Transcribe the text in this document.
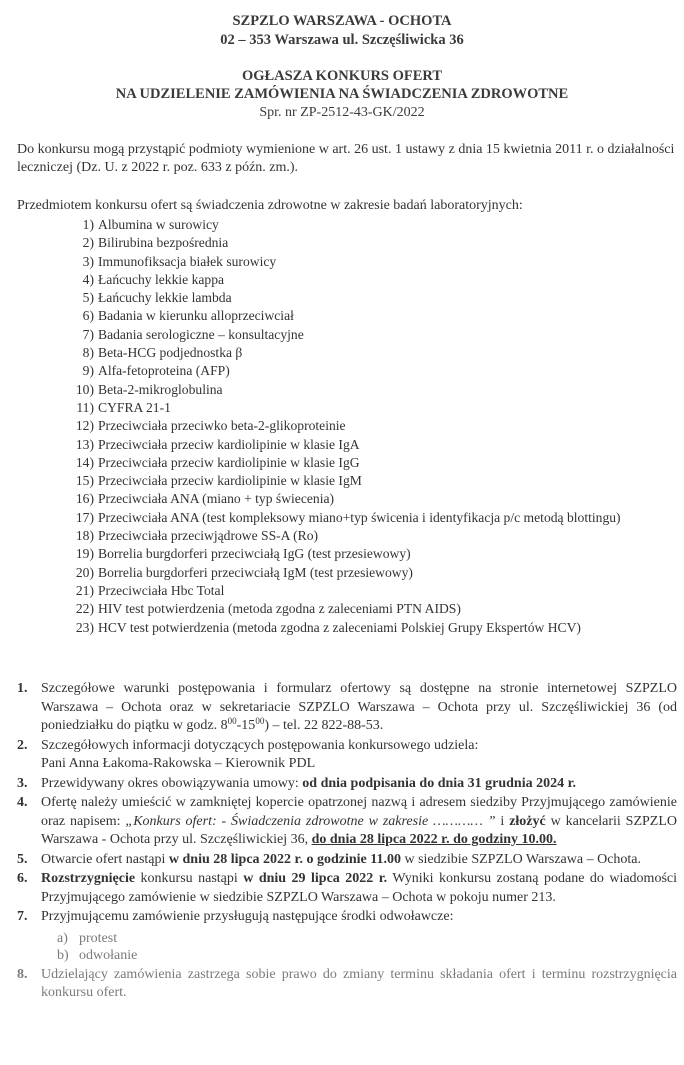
SZPZLO WARSZAWA - OCHOTA
02 – 353 Warszawa ul. Szczęśliwicka 36
OGŁASZA KONKURS OFERT
NA UDZIELENIE ZAMÓWIENIA NA ŚWIADCZENIA ZDROWOTNE
Spr. nr ZP-2512-43-GK/2022
Do konkursu mogą przystąpić podmioty wymienione w art. 26 ust. 1 ustawy z dnia 15 kwietnia 2011 r. o działalności leczniczej (Dz. U. z 2022 r. poz. 633 z późn. zm.).
Przedmiotem konkursu ofert są świadczenia zdrowotne w zakresie badań laboratoryjnych:
1) Albumina w surowicy
2) Bilirubina bezpośrednia
3) Immunofiksacja białek surowicy
4) Łańcuchy lekkie kappa
5) Łańcuchy lekkie lambda
6) Badania w kierunku alloprzeciwciał
7) Badania serologiczne – konsultacyjne
8) Beta-HCG podjednostka β
9) Alfa-fetoproteina (AFP)
10) Beta-2-mikroglobulina
11) CYFRA 21-1
12) Przeciwciała przeciwko beta-2-glikoproteinie
13) Przeciwciała przeciw kardiolipinie w klasie IgA
14) Przeciwciała przeciw kardiolipinie w klasie IgG
15) Przeciwciała przeciw kardiolipinie w klasie IgM
16) Przeciwciała ANA (miano + typ świecenia)
17) Przeciwciała ANA (test kompleksowy miano+typ świcenia i identyfikacja p/c metodą blottingu)
18) Przeciwciała przeciwjądrowe SS-A (Ro)
19) Borrelia burgdorferi przeciwciałą IgG (test przesiewowy)
20) Borrelia burgdorferi przeciwciałą IgM (test przesiewowy)
21) Przeciwciała Hbc Total
22) HIV test potwierdzenia (metoda zgodna z zaleceniami PTN AIDS)
23) HCV test potwierdzenia (metoda zgodna z zaleceniami Polskiej Grupy Ekspertów HCV)
1. Szczegółowe warunki postępowania i formularz ofertowy są dostępne na stronie internetowej SZPZLO Warszawa – Ochota oraz w sekretariacie SZPZLO Warszawa – Ochota przy ul. Szczęśliwickiej 36 (od poniedziałku do piątku w godz. $8^{00}-15^{00}$) – tel. 22 822-88-53.
2. Szczegółowych informacji dotyczących postępowania konkursowego udziela:
Pani Anna Łakoma-Rakowska – Kierownik PDL
3. Przewidywany okres obowiązywania umowy: od dnia podpisania do dnia 31 grudnia 2024 r.
4. Ofertę należy umieścić w zamkniętej kopercie opatrzonej nazwą i adresem siedziby Przyjmującego zamówienie oraz napisem: „Konkurs ofert: - Świadczenia zdrowotne w zakresie ………… ” i złożyć w kancelarii SZPZLO Warszawa - Ochota przy ul. Szczęśliwickiej 36, do dnia 28 lipca 2022 r. do godziny 10.00.
5. Otwarcie ofert nastąpi w dniu 28 lipca 2022 r. o godzinie 11.00 w siedzibie SZPZLO Warszawa – Ochota.
6. Rozstrzygnięcie konkursu nastąpi w dniu 29 lipca 2022 r. Wyniki konkursu zostaną podane do wiadomości Przyjmującego zamówienie w siedzibie SZPZLO Warszawa – Ochota w pokoju numer 213.
7. Przyjmującemu zamówienie przysługują następujące środki odwoławcze:
a) protest
b) odwołanie
8. Udzielający zamówienia zastrzega sobie prawo do zmiany terminu składania ofert i terminu rozstrzygnięcia konkursu ofert.
